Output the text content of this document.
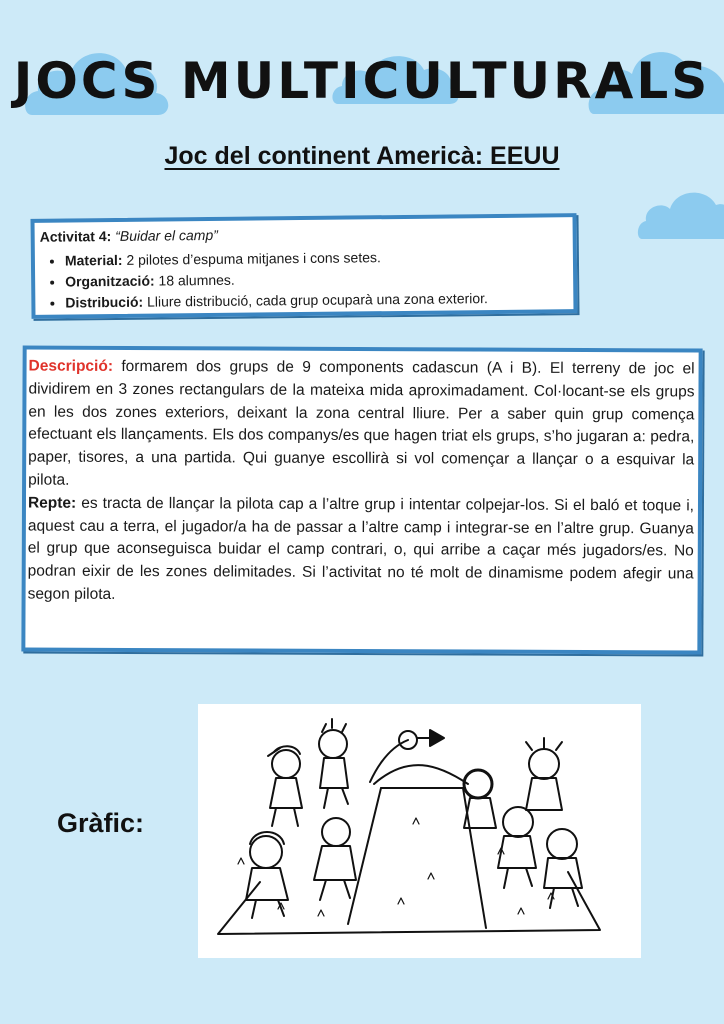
JOCS MULTICULTURALS
Joc del continent Americà: EEUU
Activitat 4: “Buidar el camp”
• Material: 2 pilotes d’espuma mitjanes i cons setes.
• Organització: 18 alumnes.
• Distribució: Lliure distribució, cada grup ocuparà una zona exterior.

Descripció: formarem dos grups de 9 components cadascun (A i B). El terreny de joc el dividirem en 3 zones rectangulars de la mateixa mida aproximadament. Col·locant-se els grups en les dos zones exteriors, deixant la zona central lliure. Per a saber quin grup comença efectuant els llançaments. Els dos companys/es que hagen triat els grups, s’ho jugaran a: pedra, paper, tisores, a una partida. Qui guanye escollirà si vol començar a llançar o a esquivar la pilota.

Repte: es tracta de llançar la pilota cap a l’altre grup i intentar colpejar-los. Si el baló et toque i, aquest cau a terra, el jugador/a ha de passar a l’altre camp i integrar-se en l’altre grup. Guanya el grup que aconseguisca buidar el camp contrari, o, qui arribe a caçar més jugadors/es. No podran eixir de les zones delimitades. Si l’activitat no té molt de dinamisme podem afegir una segon pilota.

Gràfic:
